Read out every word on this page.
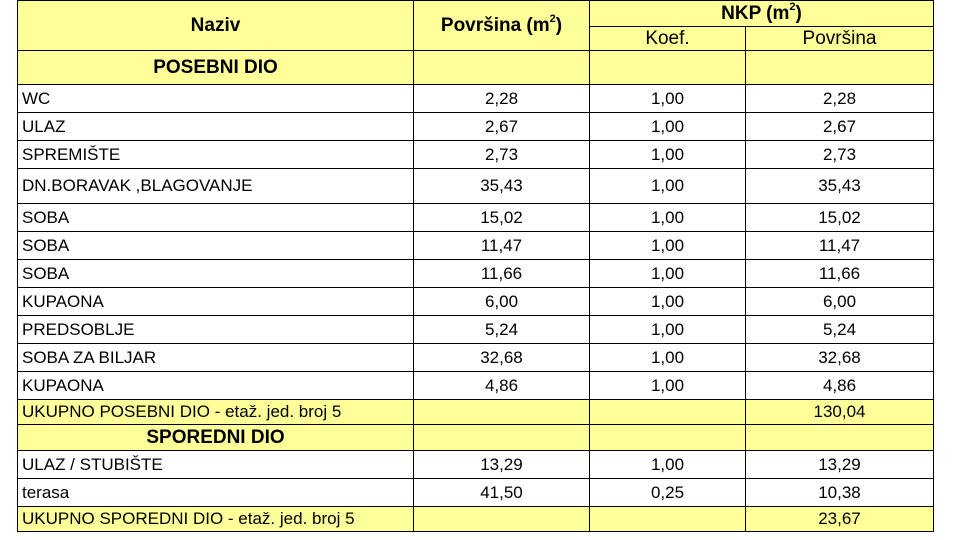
Naziv	Površina $(m^2)$	NKP $(m^2)$	
		Koef.	Površina
POSEBNI DIO			
WC	2,28	1,00	2,28
ULAZ	2,67	1,00	2,67
SPREMIŠTE	2,73	1,00	2,73
DN.BORAVAK ,BLAGOVANJE	35,43	1,00	35,43
SOBA	15,02	1,00	15,02
SOBA	11,47	1,00	11,47
SOBA	11,66	1,00	11,66
KUPAONA	6,00	1,00	6,00
PREDSOBLJE	5,24	1,00	5,24
SOBA ZA BILJAR	32,68	1,00	32,68
KUPAONA	4,86	1,00	4,86
UKUPNO POSEBNI DIO - etaž. jed. broj 5			130,04
SPOREDNI DIO			
ULAZ / STUBIŠTE	13,29	1,00	13,29
terasa	41,50	0,25	10,38
UKUPNO SPOREDNI DIO - etaž. jed. broj 5			23,67
